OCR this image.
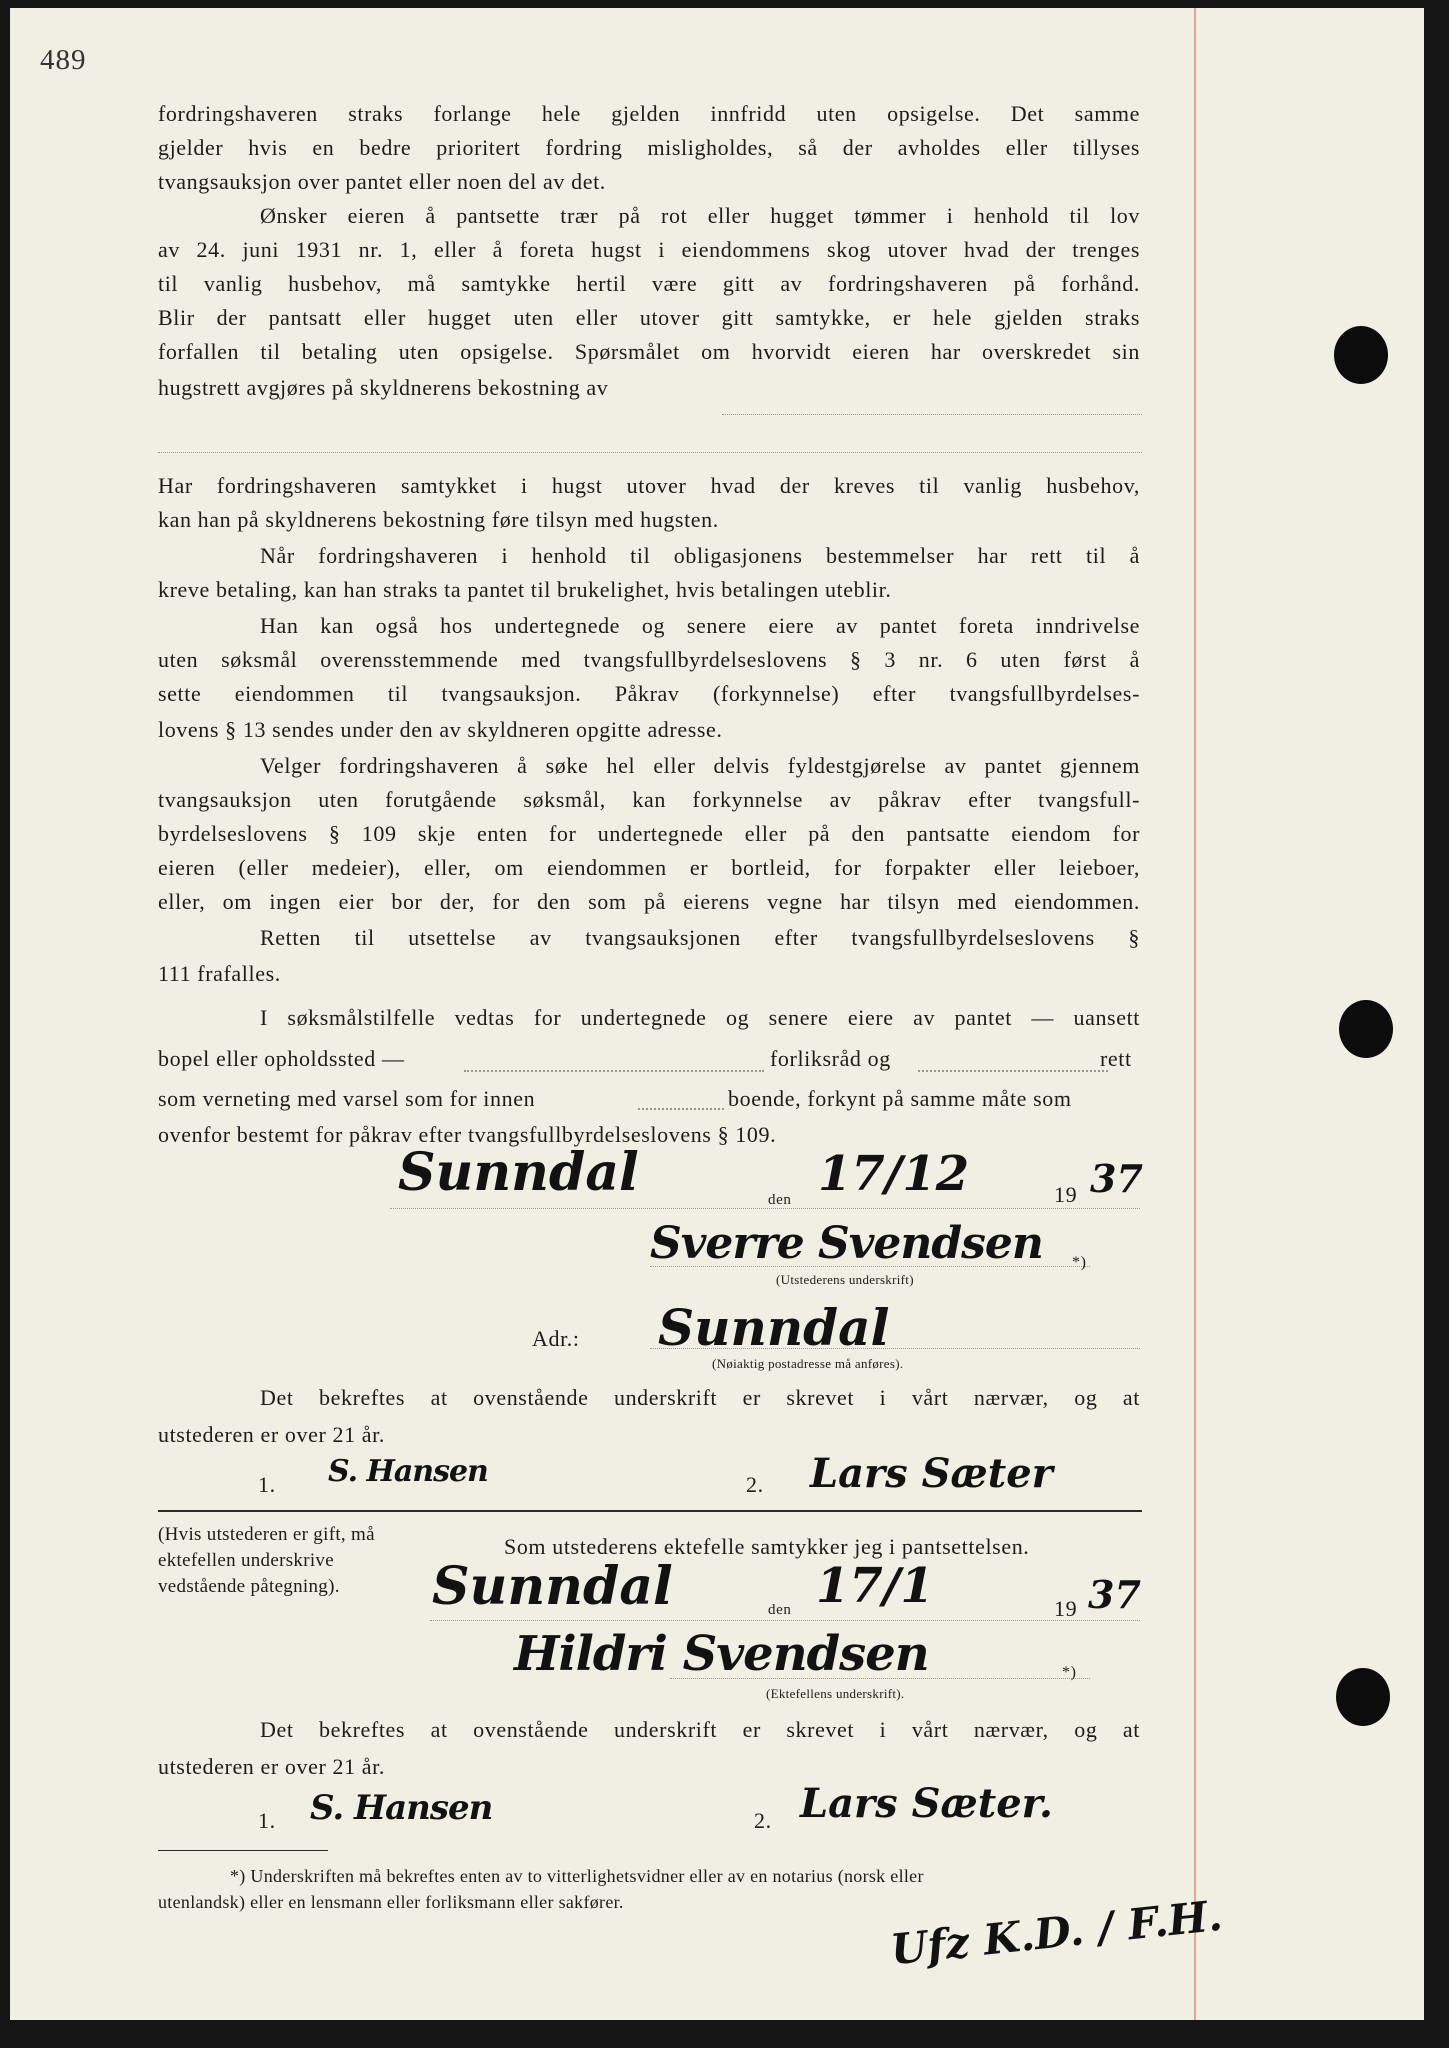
489
fordringshaveren straks forlange hele gjelden innfridd uten opsigelse. Det samme
gjelder hvis en bedre prioritert fordring misligholdes, så der avholdes eller tillyses
tvangsauksjon over pantet eller noen del av det.
Ønsker eieren å pantsette trær på rot eller hugget tømmer i henhold til lov
av 24. juni 1931 nr. 1, eller å foreta hugst i eiendommens skog utover hvad der trenges
til vanlig husbehov, må samtykke hertil være gitt av fordringshaveren på forhånd.
Blir der pantsatt eller hugget uten eller utover gitt samtykke, er hele gjelden straks
forfallen til betaling uten opsigelse. Spørsmålet om hvorvidt eieren har overskredet sin
hugstrett avgjøres på skyldnerens bekostning av
Har fordringshaveren samtykket i hugst utover hvad der kreves til vanlig husbehov,
kan han på skyldnerens bekostning føre tilsyn med hugsten.
Når fordringshaveren i henhold til obligasjonens bestemmelser har rett til å
kreve betaling, kan han straks ta pantet til brukelighet, hvis betalingen uteblir.
Han kan også hos undertegnede og senere eiere av pantet foreta inndrivelse
uten søksmål overensstemmende med tvangsfullbyrdelseslovens § 3 nr. 6 uten først å
sette eiendommen til tvangsauksjon. Påkrav (forkynnelse) efter tvangsfullbyrdelses-
lovens § 13 sendes under den av skyldneren opgitte adresse.
Velger fordringshaveren å søke hel eller delvis fyldestgjørelse av pantet gjennem
tvangsauksjon uten forutgående søksmål, kan forkynnelse av påkrav efter tvangsfull-
byrdelseslovens § 109 skje enten for undertegnede eller på den pantsatte eiendom for
eieren (eller medeier), eller, om eiendommen er bortleid, for forpakter eller leieboer,
eller, om ingen eier bor der, for den som på eierens vegne har tilsyn med eiendommen.
Retten til utsettelse av tvangsauksjonen efter tvangsfullbyrdelseslovens §
111 frafalles.
I søksmålstilfelle vedtas for undertegnede og senere eiere av pantet — uansett
bopel eller opholdssted —	forliksråd og	rett
som verneting med varsel som for innen	boende, forkynt på samme måte som
ovenfor bestemt for påkrav efter tvangsfullbyrdelseslovens § 109.
Sunndal	den 17/12	19 37
Sverre Svendsen *)
(Utstederens underskrift)
Adr.: Sunndal
(Nøiaktig postadresse må anføres).
Det bekreftes at ovenstående underskrift er skrevet i vårt nærvær, og at
utstederen er over 21 år.
1. S. Hansen	2. Lars Sæter
(Hvis utstederen er gift, må ektefellen underskrive vedstående påtegning).
Som utstederens ektefelle samtykker jeg i pantsettelsen.
Sunndal	den 17/1	19 37
Hildri Svendsen	*)
(Ektefellens underskrift).
Det bekreftes at ovenstående underskrift er skrevet i vårt nærvær, og at
utstederen er over 21 år.
1. S. Hansen	2. Lars Sæter.
*) Underskriften må bekreftes enten av to vitterlighetsvidner eller av en notarius (norsk eller
utenlandsk) eller en lensmann eller forliksmann eller sakfører.	Ufz K.D. / F.H.
